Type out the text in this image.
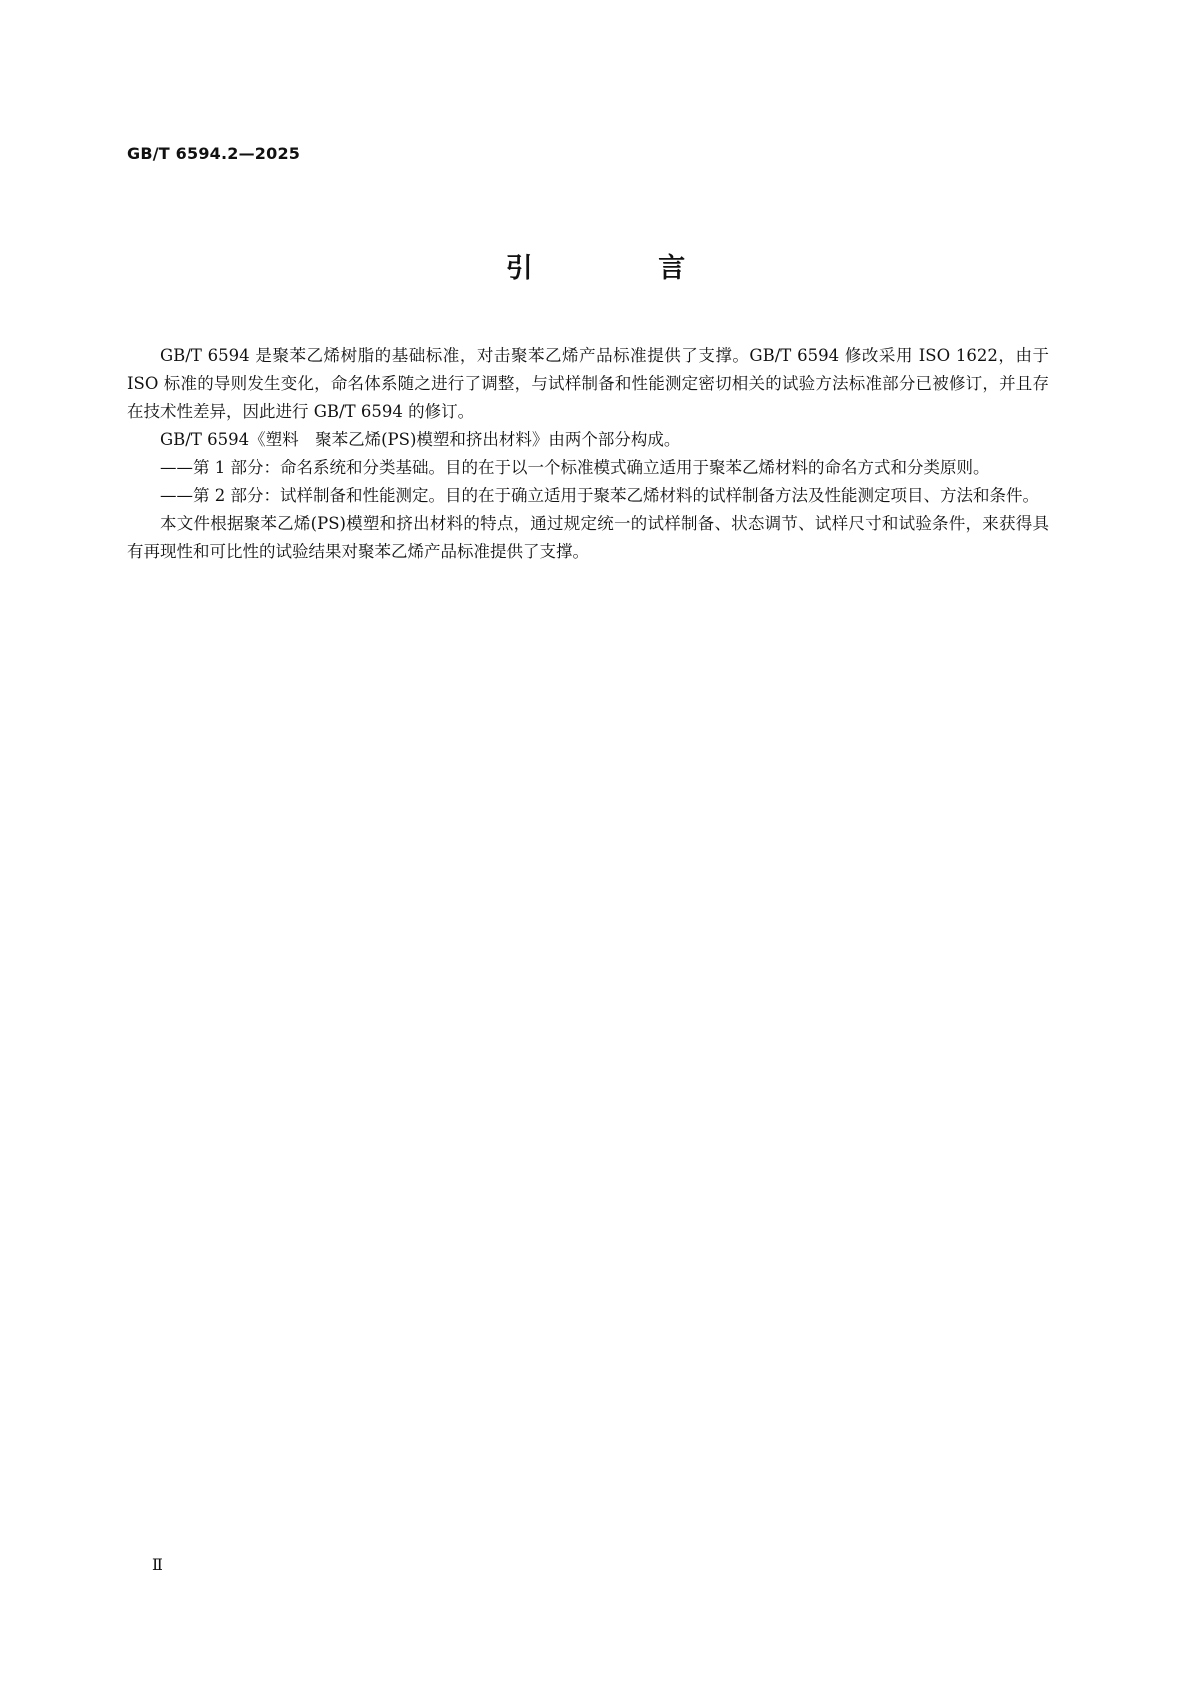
GB/T 6594.2—2025
引 言

GB/T 6594 是聚苯乙烯树脂的基础标准，对击聚苯乙烯产品标准提供了支撑。GB/T 6594 修改采用 ISO 1622，由于 ISO 标准的导则发生变化，命名体系随之进行了调整，与试样制备和性能测定密切相关的试验方法标准部分已被修订，并且存在技术性差异，因此进行 GB/T 6594 的修订。

GB/T 6594《塑料　聚苯乙烯(PS)模塑和挤出材料》由两个部分构成。

——第 1 部分：命名系统和分类基础。目的在于以一个标准模式确立适用于聚苯乙烯材料的命名方式和分类原则。

——第 2 部分：试样制备和性能测定。目的在于确立适用于聚苯乙烯材料的试样制备方法及性能测定项目、方法和条件。

本文件根据聚苯乙烯(PS)模塑和挤出材料的特点，通过规定统一的试样制备、状态调节、试样尺寸和试验条件，来获得具有再现性和可比性的试验结果对聚苯乙烯产品标准提供了支撑。

Ⅱ
